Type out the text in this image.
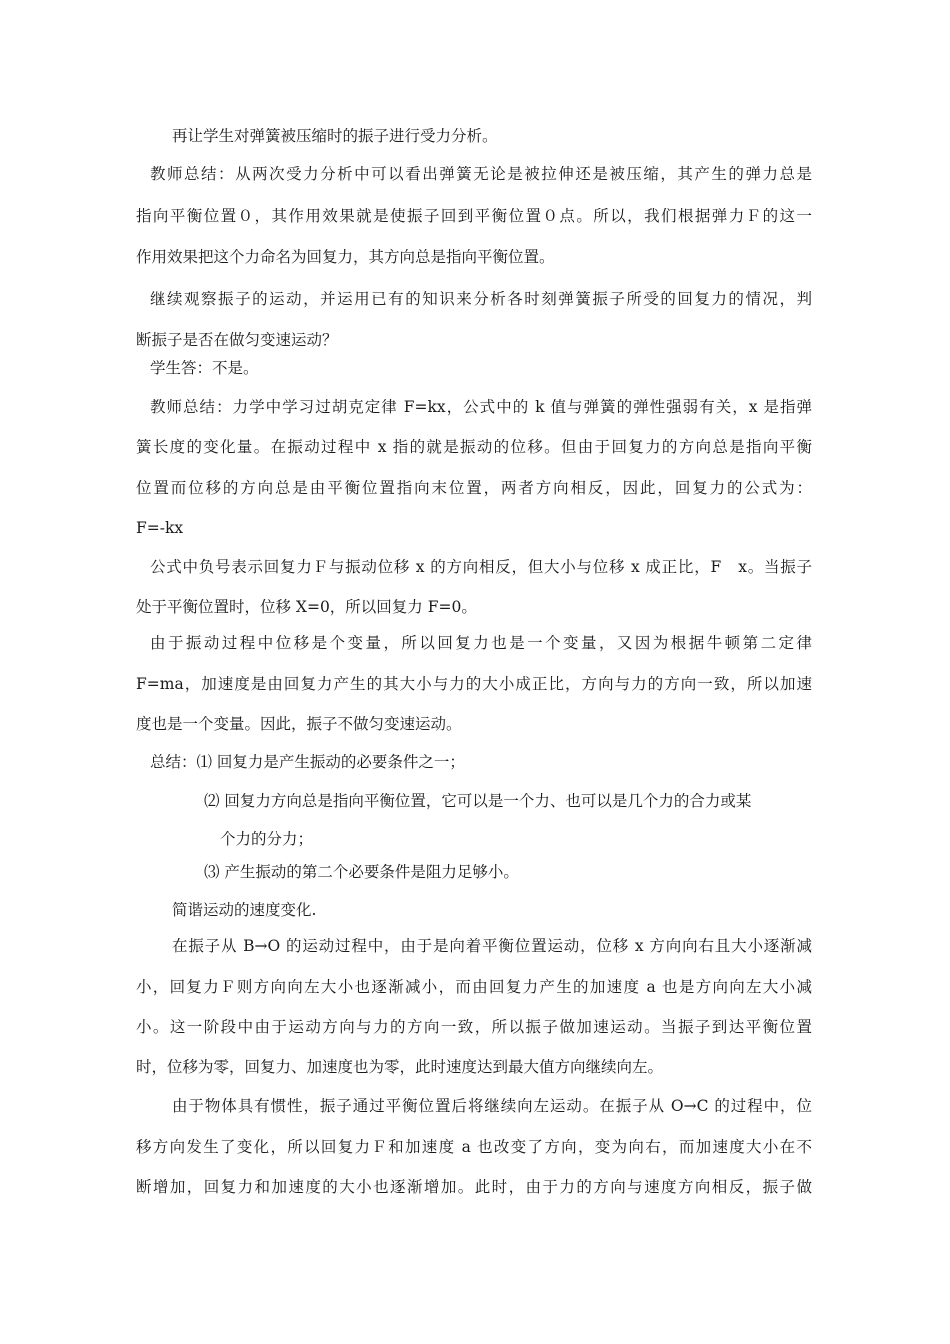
再让学生对弹簧被压缩时的振子进行受力分析。
教师总结：从两次受力分析中可以看出弹簧无论是被拉伸还是被压缩，其产生的弹力总是
指向平衡位置０，其作用效果就是使振子回到平衡位置０点。所以，我们根据弹力Ｆ的这一
作用效果把这个力命名为回复力，其方向总是指向平衡位置。
继续观察振子的运动，并运用已有的知识来分析各时刻弹簧振子所受的回复力的情况，判
断振子是否在做匀变速运动？
学生答：不是。
教师总结：力学中学习过胡克定律 F=kx，公式中的 k 值与弹簧的弹性强弱有关，x 是指弹
簧长度的变化量。在振动过程中 x 指的就是振动的位移。但由于回复力的方向总是指向平衡
位置而位移的方向总是由平衡位置指向末位置，两者方向相反，因此，回复力的公式为：
F=-kx
公式中负号表示回复力Ｆ与振动位移 x 的方向相反，但大小与位移 x 成正比，F　x。当振子
处于平衡位置时，位移 X=0，所以回复力 F=0。
由于振动过程中位移是个变量，所以回复力也是一个变量，又因为根据牛顿第二定律
F=ma，加速度是由回复力产生的其大小与力的大小成正比，方向与力的方向一致，所以加速
度也是一个变量。因此，振子不做匀变速运动。
总结：⑴ 回复力是产生振动的必要条件之一；
⑵ 回复力方向总是指向平衡位置，它可以是一个力、也可以是几个力的合力或某
个力的分力；
⑶ 产生振动的第二个必要条件是阻力足够小。
简谐运动的速度变化.
在振子从 B→O 的运动过程中，由于是向着平衡位置运动，位移 x 方向向右且大小逐渐减
小，回复力Ｆ则方向向左大小也逐渐减小，而由回复力产生的加速度 a 也是方向向左大小减
小。这一阶段中由于运动方向与力的方向一致，所以振子做加速运动。当振子到达平衡位置
时，位移为零，回复力、加速度也为零，此时速度达到最大值方向继续向左。
由于物体具有惯性，振子通过平衡位置后将继续向左运动。在振子从 O→C 的过程中，位
移方向发生了变化，所以回复力Ｆ和加速度 a 也改变了方向，变为向右，而加速度大小在不
断增加，回复力和加速度的大小也逐渐增加。此时，由于力的方向与速度方向相反，振子做
